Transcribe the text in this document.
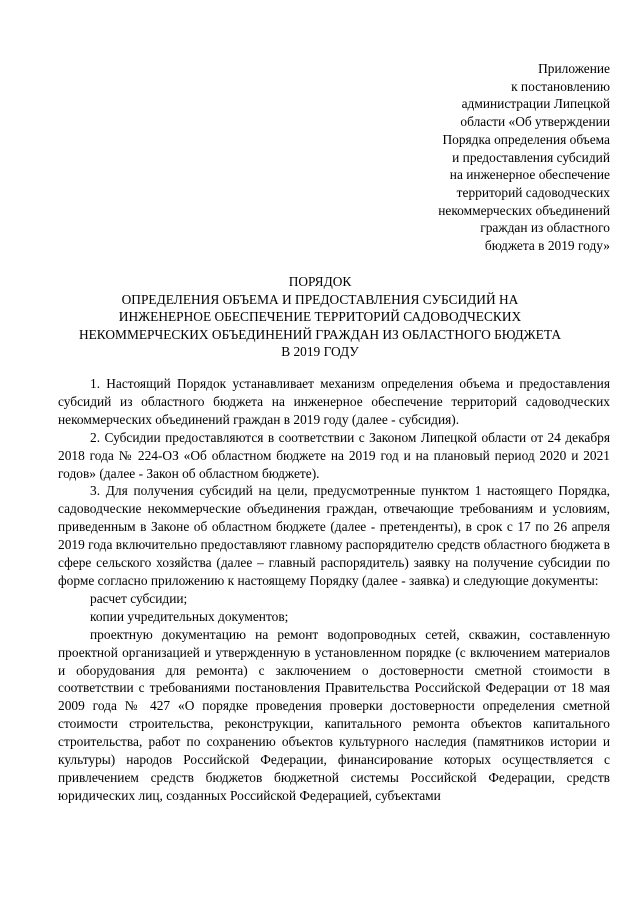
Приложение
к постановлению
администрации Липецкой
области «Об утверждении
Порядка определения объема
и предоставления субсидий
на инженерное обеспечение
территорий садоводческих
некоммерческих объединений
граждан из областного
бюджета в 2019 году»
ПОРЯДОК
ОПРЕДЕЛЕНИЯ ОБЪЕМА И ПРЕДОСТАВЛЕНИЯ СУБСИДИЙ НА
ИНЖЕНЕРНОЕ ОБЕСПЕЧЕНИЕ ТЕРРИТОРИЙ САДОВОДЧЕСКИХ
НЕКОММЕРЧЕСКИХ ОБЪЕДИНЕНИЙ ГРАЖДАН ИЗ ОБЛАСТНОГО БЮДЖЕТА
В 2019 ГОДУ

1. Настоящий Порядок устанавливает механизм определения объема и предоставления субсидий из областного бюджета на инженерное обеспечение территорий садоводческих некоммерческих объединений граждан в 2019 году (далее - субсидия).

2. Субсидии предоставляются в соответствии с Законом Липецкой области от 24 декабря 2018 года № 224-ОЗ «Об областном бюджете на 2019 год и на плановый период 2020 и 2021 годов» (далее - Закон об областном бюджете).

3. Для получения субсидий на цели, предусмотренные пунктом 1 настоящего Порядка, садоводческие некоммерческие объединения граждан, отвечающие требованиям и условиям, приведенным в Законе об областном бюджете (далее - претенденты), в срок с 17 по 26 апреля 2019 года включительно предоставляют главному распорядителю средств областного бюджета в сфере сельского хозяйства (далее – главный распорядитель) заявку на получение субсидии по форме согласно приложению к настоящему Порядку (далее - заявка) и следующие документы:

расчет субсидии;

копии учредительных документов;

проектную документацию на ремонт водопроводных сетей, скважин, составленную проектной организацией и утвержденную в установленном порядке (с включением материалов и оборудования для ремонта) с заключением о достоверности сметной стоимости в соответствии с требованиями постановления Правительства Российской Федерации от 18 мая 2009 года № 427 «О порядке проведения проверки достоверности определения сметной стоимости строительства, реконструкции, капитального ремонта объектов капитального строительства, работ по сохранению объектов культурного наследия (памятников истории и культуры) народов Российской Федерации, финансирование которых осуществляется с привлечением средств бюджетов бюджетной системы Российской Федерации, средств юридических лиц, созданных Российской Федерацией, субъектами
